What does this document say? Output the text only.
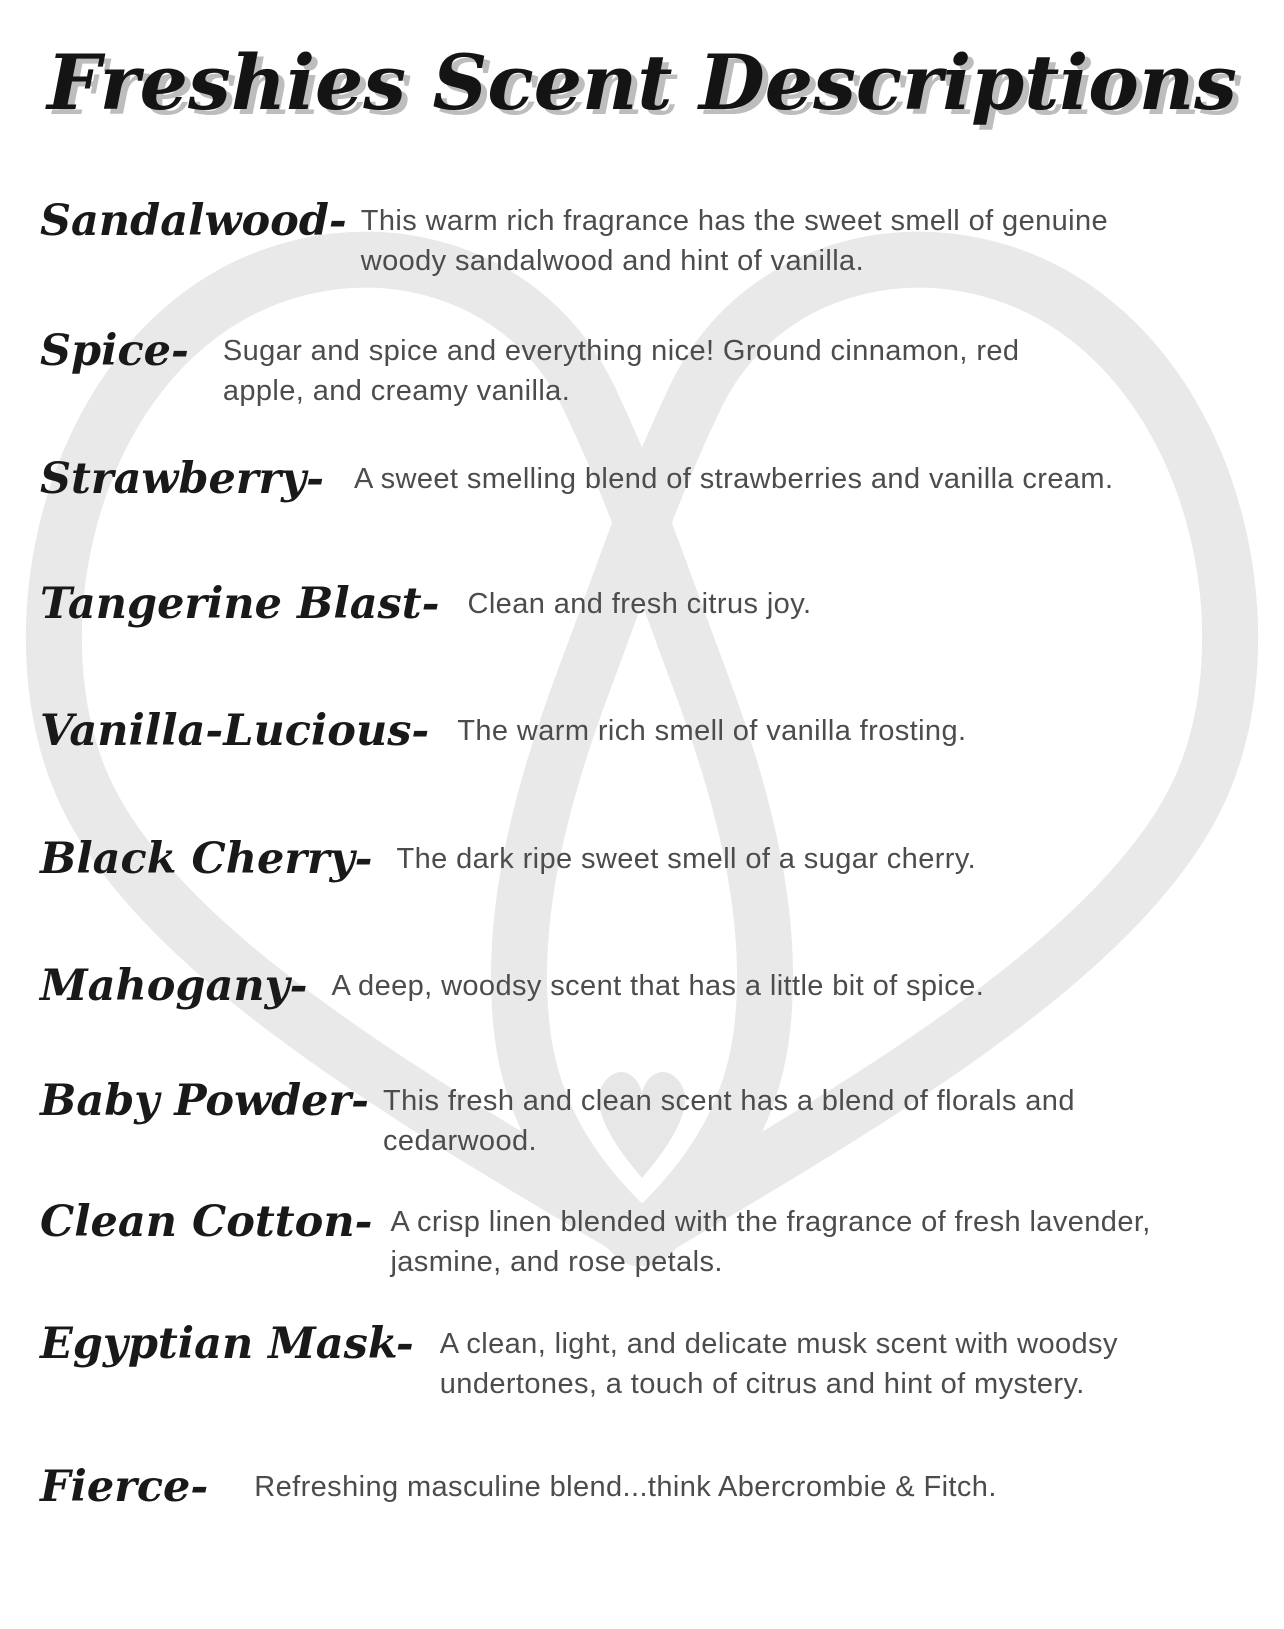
Freshies Scent Descriptions
Sandalwood- This warm rich fragrance has the sweet smell of genuine
woody sandalwood and hint of vanilla.
Spice- Sugar and spice and everything nice! Ground cinnamon, red
apple, and creamy vanilla.
Strawberry- A sweet smelling blend of strawberries and vanilla cream.
Tangerine Blast- Clean and fresh citrus joy.
Vanilla-Lucious- The warm rich smell of vanilla frosting.
Black Cherry- The dark ripe sweet smell of a sugar cherry.
Mahogany- A deep, woodsy scent that has a little bit of spice.
Baby Powder- This fresh and clean scent has a blend of florals and
cedarwood.
Clean Cotton- A crisp linen blended with the fragrance of fresh lavender,
jasmine, and rose petals.
Egyptian Mask- A clean, light, and delicate musk scent with woodsy
undertones, a touch of citrus and hint of mystery.
Fierce- Refreshing masculine blend...think Abercrombie & Fitch.
